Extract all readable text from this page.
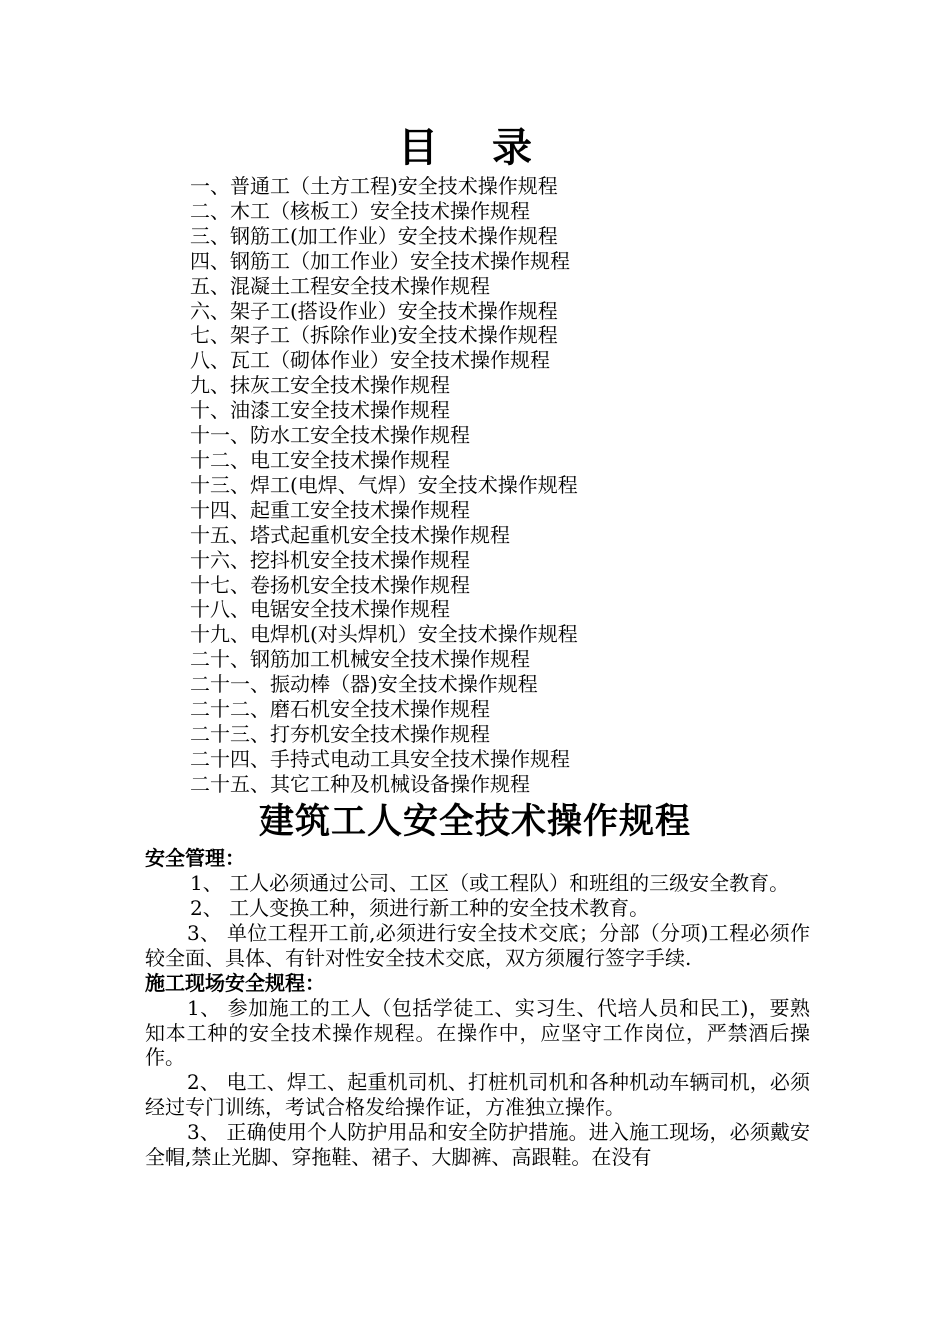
目 录
一、普通工（土方工程)安全技术操作规程
二、木工（核板工）安全技术操作规程
三、钢筋工(加工作业）安全技术操作规程
四、钢筋工（加工作业）安全技术操作规程
五、混凝土工程安全技术操作规程
六、架子工(搭设作业）安全技术操作规程
七、架子工（拆除作业)安全技术操作规程
八、瓦工（砌体作业）安全技术操作规程
九、抹灰工安全技术操作规程
十、油漆工安全技术操作规程
十一、防水工安全技术操作规程
十二、电工安全技术操作规程
十三、焊工(电焊、气焊）安全技术操作规程
十四、起重工安全技术操作规程
十五、塔式起重机安全技术操作规程
十六、挖抖机安全技术操作规程
十七、卷扬机安全技术操作规程
十八、电锯安全技术操作规程
十九、电焊机(对头焊机）安全技术操作规程
二十、钢筋加工机械安全技术操作规程
二十一、振动棒（器)安全技术操作规程
二十二、磨石机安全技术操作规程
二十三、打夯机安全技术操作规程
二十四、手持式电动工具安全技术操作规程
二十五、其它工种及机械设备操作规程
建筑工人安全技术操作规程

安全管理：

1、 工人必须通过公司、工区（或工程队）和班组的三级安全教育。

2、 工人变换工种，须进行新工种的安全技术教育。

3、 单位工程开工前,必须进行安全技术交底；分部（分项)工程必须作较全面、具体、有针对性安全技术交底，双方须履行签字手续.

施工现场安全规程：

1、 参加施工的工人（包括学徒工、实习生、代培人员和民工)，要熟知本工种的安全技术操作规程。在操作中，应坚守工作岗位，严禁酒后操作。

2、 电工、焊工、起重机司机、打桩机司机和各种机动车辆司机，必须经过专门训练，考试合格发给操作证，方准独立操作。

3、 正确使用个人防护用品和安全防护措施。进入施工现场，必须戴安全帽,禁止光脚、穿拖鞋、裙子、大脚裤、高跟鞋。在没有
